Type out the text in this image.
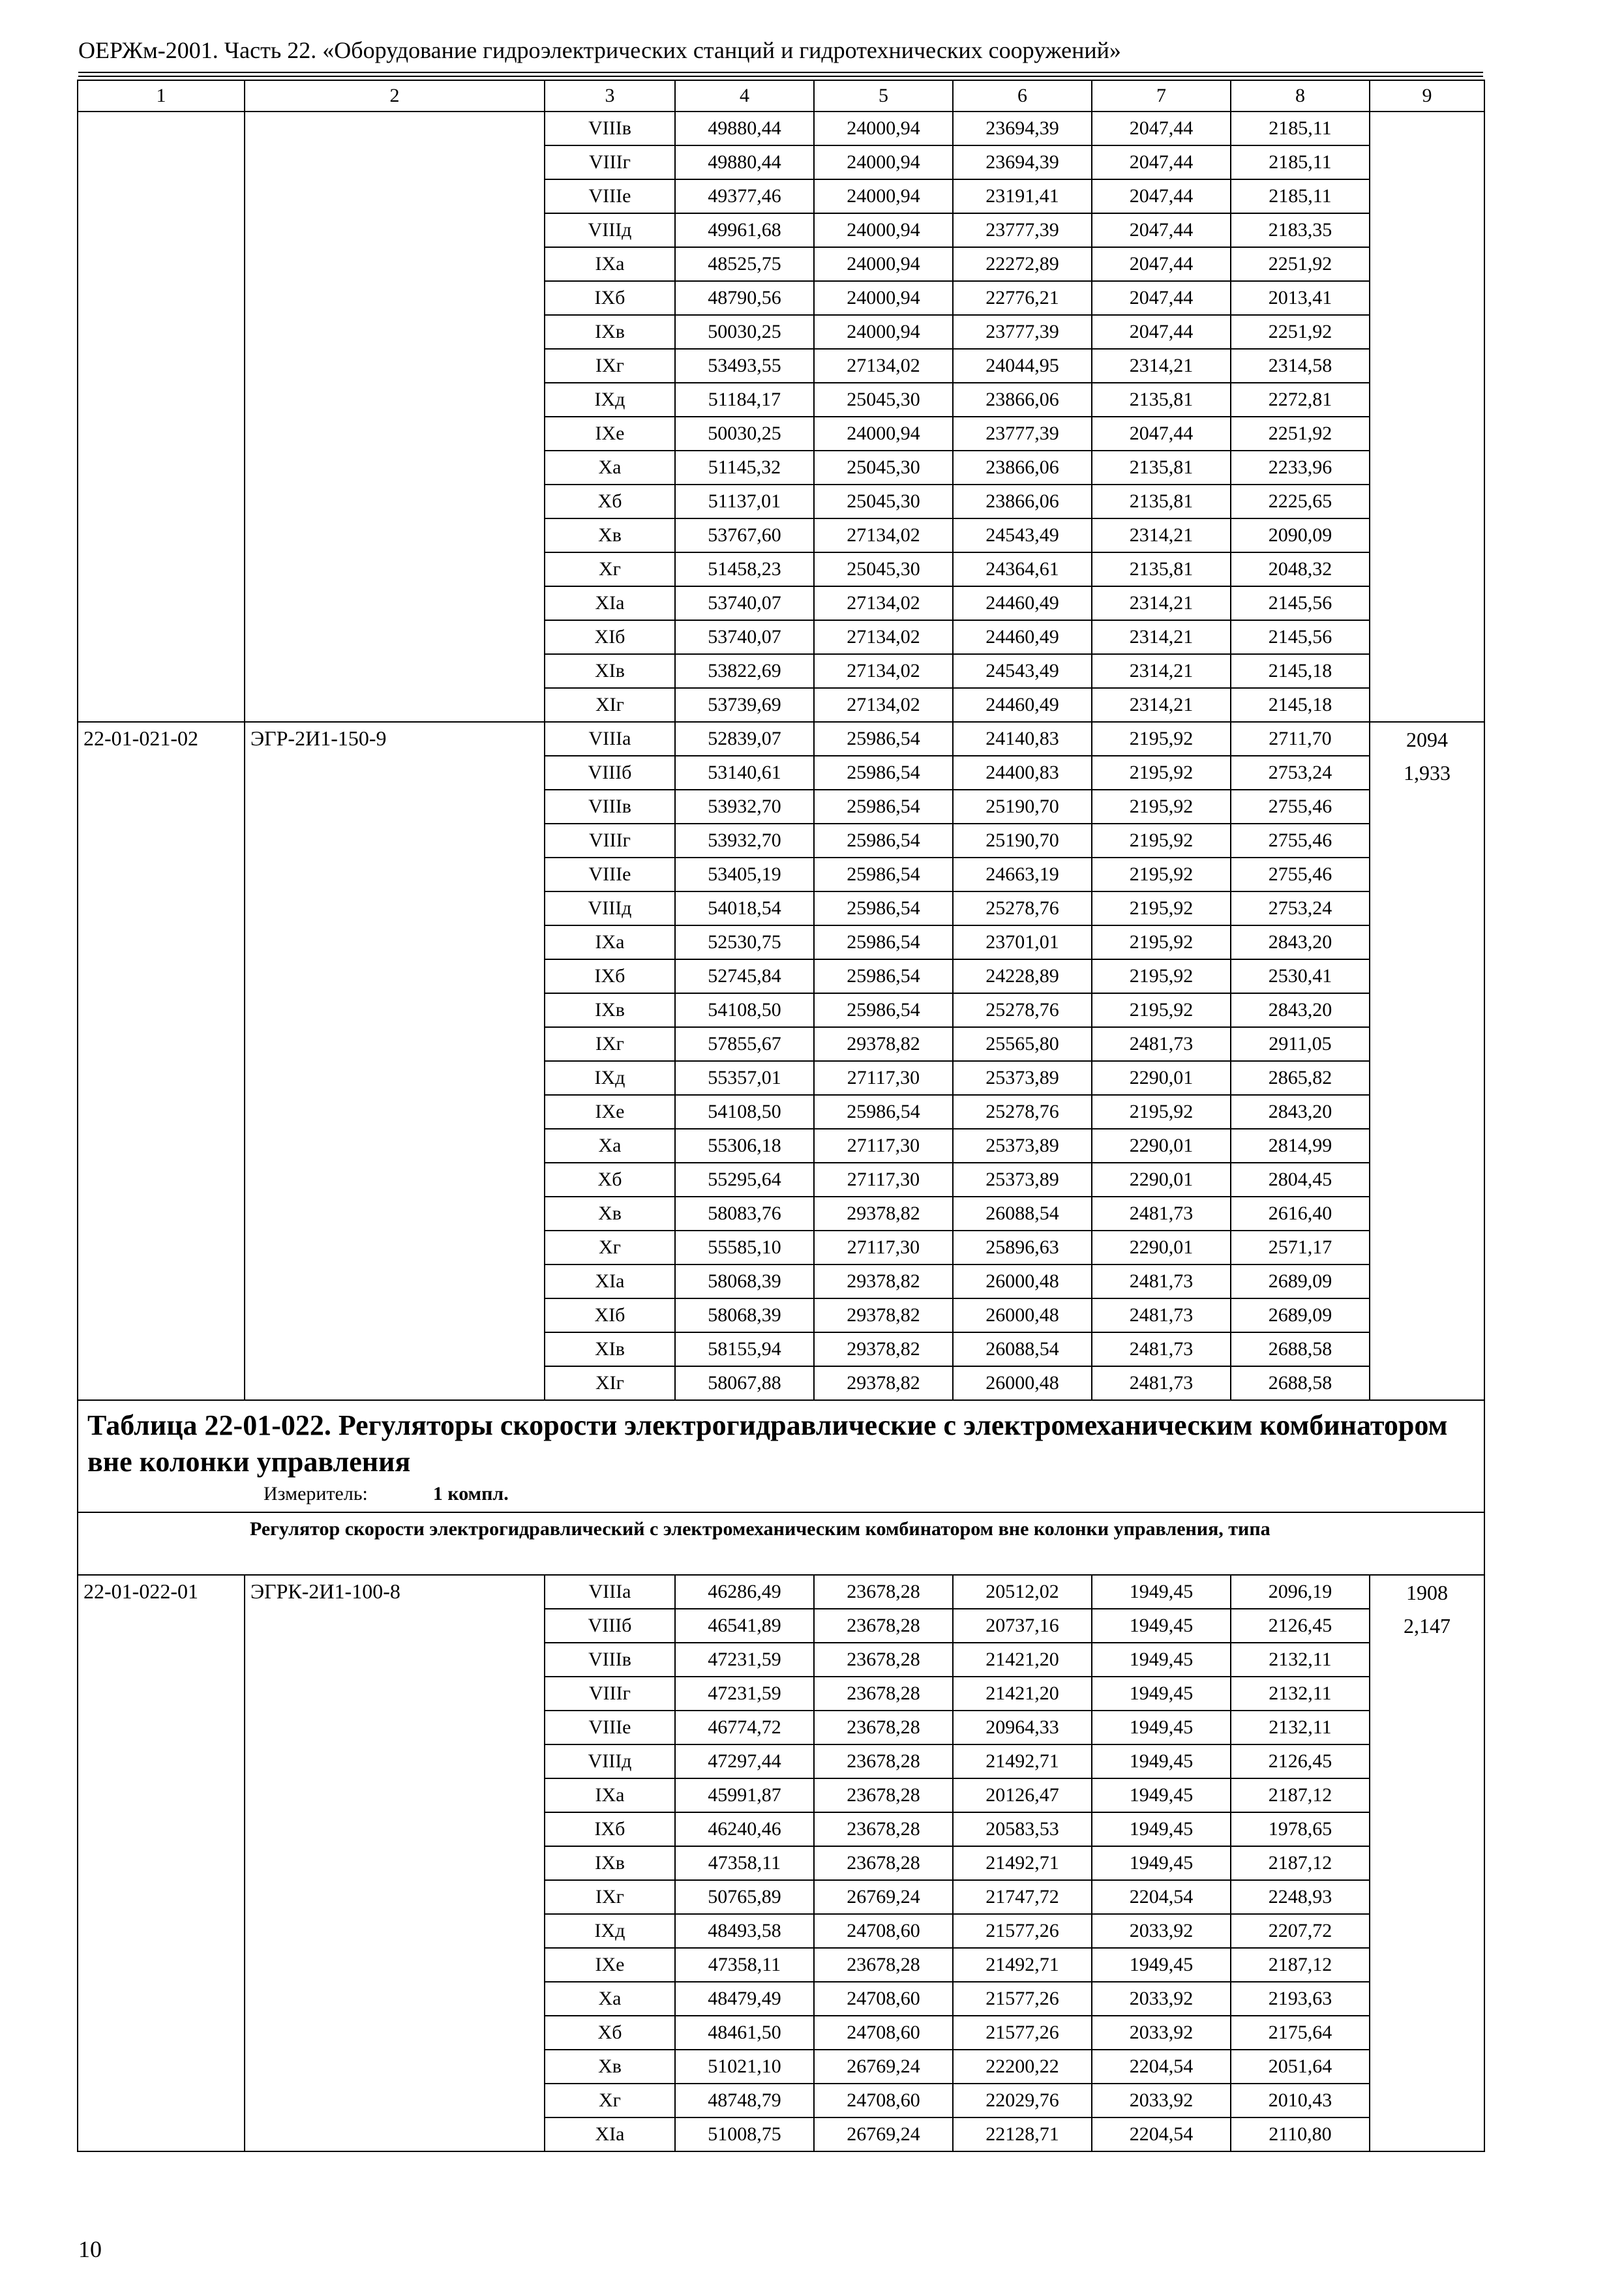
ОЕРЖм-2001. Часть 22. «Оборудование гидроэлектрических станций и гидротехнических сооружений»
1	2	3	4	5	6	7	8	9
		VIIIв	49880,44	24000,94	23694,39	2047,44	2185,11	
		VIIIг	49880,44	24000,94	23694,39	2047,44	2185,11	
		VIIIе	49377,46	24000,94	23191,41	2047,44	2185,11	
		VIIIд	49961,68	24000,94	23777,39	2047,44	2183,35	
		IXа	48525,75	24000,94	22272,89	2047,44	2251,92	
		IXб	48790,56	24000,94	22776,21	2047,44	2013,41	
		IXв	50030,25	24000,94	23777,39	2047,44	2251,92	
		IXг	53493,55	27134,02	24044,95	2314,21	2314,58	
		IXд	51184,17	25045,30	23866,06	2135,81	2272,81	
		IXе	50030,25	24000,94	23777,39	2047,44	2251,92	
		Xа	51145,32	25045,30	23866,06	2135,81	2233,96	
		Xб	51137,01	25045,30	23866,06	2135,81	2225,65	
		Xв	53767,60	27134,02	24543,49	2314,21	2090,09	
		Xг	51458,23	25045,30	24364,61	2135,81	2048,32	
		XIа	53740,07	27134,02	24460,49	2314,21	2145,56	
		XIб	53740,07	27134,02	24460,49	2314,21	2145,56	
		XIв	53822,69	27134,02	24543,49	2314,21	2145,18	
		XIг	53739,69	27134,02	24460,49	2314,21	2145,18	
22-01-021-02	ЭГР-2И1-150-9	VIIIа	52839,07	25986,54	24140,83	2195,92	2711,70	2094
		VIIIб	53140,61	25986,54	24400,83	2195,92	2753,24	1,933
		VIIIв	53932,70	25986,54	25190,70	2195,92	2755,46	
		VIIIг	53932,70	25986,54	25190,70	2195,92	2755,46	
		VIIIе	53405,19	25986,54	24663,19	2195,92	2755,46	
		VIIIд	54018,54	25986,54	25278,76	2195,92	2753,24	
		IXа	52530,75	25986,54	23701,01	2195,92	2843,20	
		IXб	52745,84	25986,54	24228,89	2195,92	2530,41	
		IXв	54108,50	25986,54	25278,76	2195,92	2843,20	
		IXг	57855,67	29378,82	25565,80	2481,73	2911,05	
		IXд	55357,01	27117,30	25373,89	2290,01	2865,82	
		IXе	54108,50	25986,54	25278,76	2195,92	2843,20	
		Xа	55306,18	27117,30	25373,89	2290,01	2814,99	
		Xб	55295,64	27117,30	25373,89	2290,01	2804,45	
		Xв	58083,76	29378,82	26088,54	2481,73	2616,40	
		Xг	55585,10	27117,30	25896,63	2290,01	2571,17	
		XIа	58068,39	29378,82	26000,48	2481,73	2689,09	
		XIб	58068,39	29378,82	26000,48	2481,73	2689,09	
		XIв	58155,94	29378,82	26088,54	2481,73	2688,58	
		XIг	58067,88	29378,82	26000,48	2481,73	2688,58	

Таблица 22-01-022. Регуляторы скорости электрогидравлические с электромеханическим комбинатором вне колонки управления
Измеритель: 1 компл.								

	Регулятор скорости электрогидравлический с электромеханическим комбинатором вне колонки управления, типа							
22-01-022-01	ЭГРК-2И1-100-8	VIIIа	46286,49	23678,28	20512,02	1949,45	2096,19	1908
		VIIIб	46541,89	23678,28	20737,16	1949,45	2126,45	2,147
		VIIIв	47231,59	23678,28	21421,20	1949,45	2132,11	
		VIIIг	47231,59	23678,28	21421,20	1949,45	2132,11	
		VIIIе	46774,72	23678,28	20964,33	1949,45	2132,11	
		VIIIд	47297,44	23678,28	21492,71	1949,45	2126,45	
		IXа	45991,87	23678,28	20126,47	1949,45	2187,12	
		IXб	46240,46	23678,28	20583,53	1949,45	1978,65	
		IXв	47358,11	23678,28	21492,71	1949,45	2187,12	
		IXг	50765,89	26769,24	21747,72	2204,54	2248,93	
		IXд	48493,58	24708,60	21577,26	2033,92	2207,72	
		IXе	47358,11	23678,28	21492,71	1949,45	2187,12	
		Xа	48479,49	24708,60	21577,26	2033,92	2193,63	
		Xб	48461,50	24708,60	21577,26	2033,92	2175,64	
		Xв	51021,10	26769,24	22200,22	2204,54	2051,64	
		Xг	48748,79	24708,60	22029,76	2033,92	2010,43	
		XIа	51008,75	26769,24	22128,71	2204,54	2110,80	
10
